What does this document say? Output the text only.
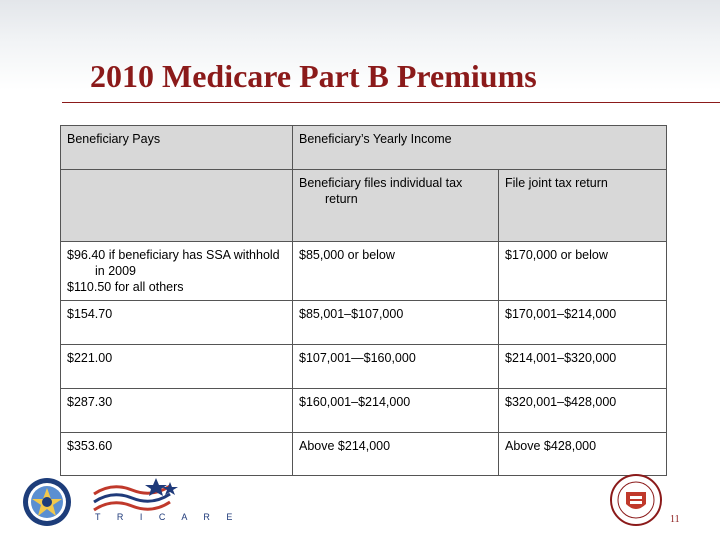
2010 Medicare Part B Premiums
Beneficiary Pays	Beneficiary’s Yearly Income	

	Beneficiary files individual tax return	File joint tax return

$96.40 if beneficiary has SSA withhold in 2009
$110.50 for all others	$85,000 or below	$170,000 or below
$154.70	$85,001–$107,000	$170,001–$214,000
$221.00	$107,001—$160,000	$214,001–$320,000
$287.30	$160,001–$214,000	$320,001–$428,000
$353.60	Above $214,000	Above $428,000
T R I C A R E	11
